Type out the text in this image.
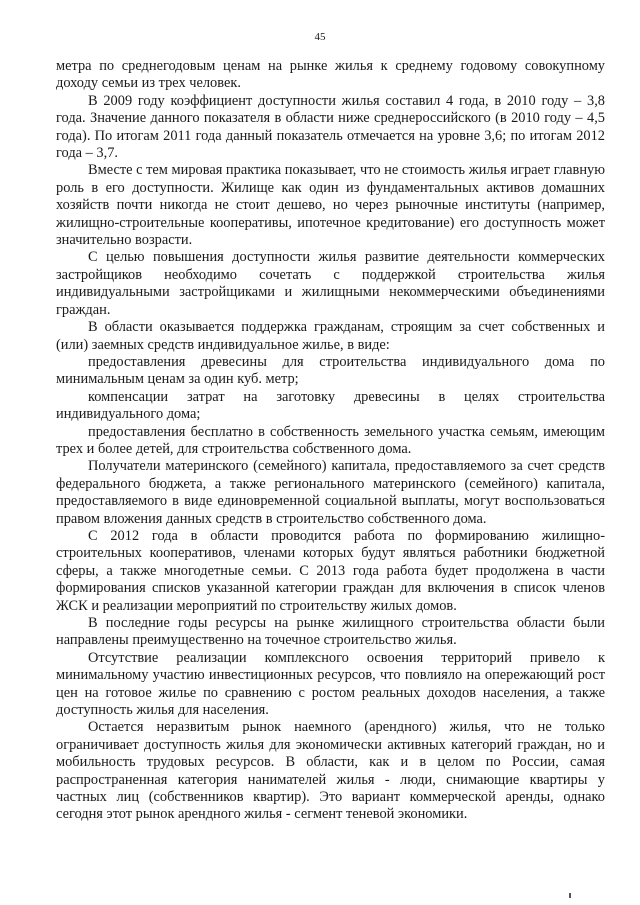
45

метра по среднегодовым ценам на рынке жилья к среднему годовому совокупному доходу семьи из трех человек.

В 2009 году коэффициент доступности жилья составил 4 года, в 2010 году – 3,8 года. Значение данного показателя в области ниже среднероссийского (в 2010 году – 4,5 года). По итогам 2011 года данный показатель отмечается на уровне 3,6; по итогам 2012 года – 3,7.

Вместе с тем мировая практика показывает, что не стоимость жилья играет главную роль в его доступности. Жилище как один из фундаментальных активов домашних хозяйств почти никогда не стоит дешево, но через рыночные институты (например, жилищно-строительные кооперативы, ипотечное кредитование) его доступность может значительно возрасти.

С целью повышения доступности жилья развитие деятельности коммерческих застройщиков необходимо сочетать с поддержкой строительства жилья индивидуальными застройщиками и жилищными некоммерческими объединениями граждан.

В области оказывается поддержка гражданам, строящим за счет собственных и (или) заемных средств индивидуальное жилье, в виде:

предоставления древесины для строительства индивидуального дома по минимальным ценам за один куб. метр;

компенсации затрат на заготовку древесины в целях строительства индивидуального дома;

предоставления бесплатно в собственность земельного участка семьям, имеющим трех и более детей, для строительства собственного дома.

Получатели материнского (семейного) капитала, предоставляемого за счет средств федерального бюджета, а также регионального материнского (семейного) капитала, предоставляемого в виде единовременной социальной выплаты, могут воспользоваться правом вложения данных средств в строительство собственного дома.

С 2012 года в области проводится работа по формированию жилищно-строительных кооперативов, членами которых будут являться работники бюджетной сферы, а также многодетные семьи. С 2013 года работа будет продолжена в части формирования списков указанной категории граждан для включения в список членов ЖСК и реализации мероприятий по строительству жилых домов.

В последние годы ресурсы на рынке жилищного строительства области были направлены преимущественно на точечное строительство жилья.

Отсутствие реализации комплексного освоения территорий привело к минимальному участию инвестиционных ресурсов, что повлияло на опережающий рост цен на готовое жилье по сравнению с ростом реальных доходов населения, а также доступность жилья для населения.

Остается неразвитым рынок наемного (арендного) жилья, что не только ограничивает доступность жилья для экономически активных категорий граждан, но и мобильность трудовых ресурсов. В области, как и в целом по России, самая распространенная категория нанимателей жилья - люди, снимающие квартиры у частных лиц (собственников квартир). Это вариант коммерческой аренды, однако сегодня этот рынок арендного жилья - сегмент теневой экономики.
